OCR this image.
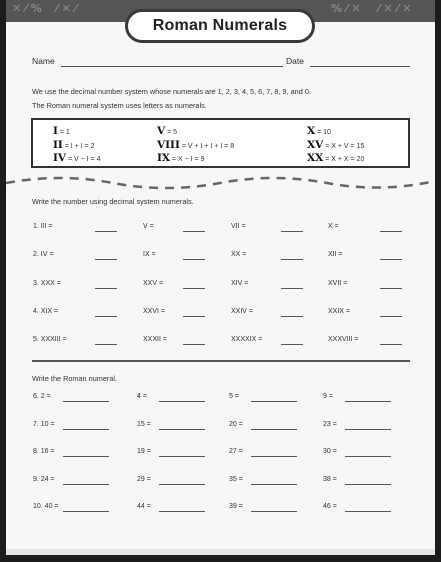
✕ ⁄ % ⁄ ✕ ⁄	% ⁄ ✕ ⁄ ✕ ⁄ ✕
Roman Numerals
Name	Date
We use the decimal number system whose numerals are 1, 2, 3, 4, 5, 6, 7, 8, 9, and 0.
The Roman numeral system uses letters as numerals.
I = 1	V = 5	X = 10
II = I + I = 2	VIII = V + I + I + I = 8	XV = X + V = 15
IV = V − I = 4	IX = X − I = 9	XX = X + X = 20
Write the number using decimal system numerals.
1. III =	V =	VII =	X =
2. IV =	IX =	XX =	XII =
3. XXX =	XXV =	XIV =	XVII =
4. XIX =	XXVI =	XXIV =	XXIX =
5. XXXIII =	XXXII =	XXXXIX =	XXXVIII =
Write the Roman numeral.
6. 2 =	4 =	5 =	9 =
7. 10 =	15 =	20 =	23 =
8. 16 =	19 =	27 =	30 =
9. 24 =	29 =	35 =	38 =
10. 40 =	44 =	39 =	46 =
